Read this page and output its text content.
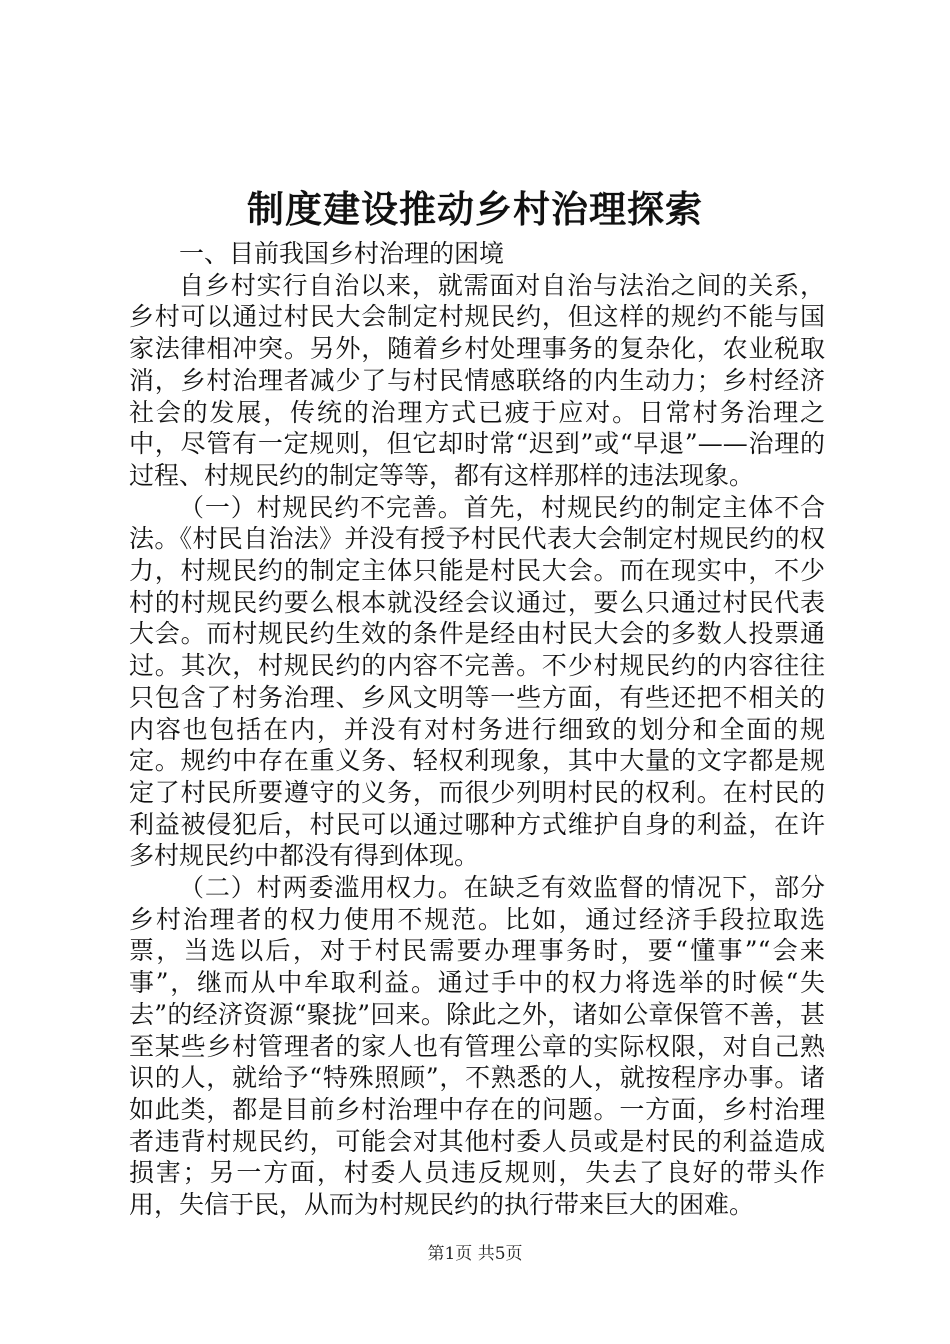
制度建设推动乡村治理探索

一、目前我国乡村治理的困境

自乡村实行自治以来，就需面对自治与法治之间的关系，乡村可以通过村民大会制定村规民约，但这样的规约不能与国家法律相冲突。另外，随着乡村处理事务的复杂化，农业税取消，乡村治理者减少了与村民情感联络的内生动力；乡村经济社会的发展，传统的治理方式已疲于应对。日常村务治理之中，尽管有一定规则，但它却时常“迟到”或“早退”——治理的过程、村规民约的制定等等，都有这样那样的违法现象。

（一）村规民约不完善。首先，村规民约的制定主体不合法。《村民自治法》并没有授予村民代表大会制定村规民约的权力，村规民约的制定主体只能是村民大会。而在现实中，不少村的村规民约要么根本就没经会议通过，要么只通过村民代表大会。而村规民约生效的条件是经由村民大会的多数人投票通过。其次，村规民约的内容不完善。不少村规民约的内容往往只包含了村务治理、乡风文明等一些方面，有些还把不相关的内容也包括在内，并没有对村务进行细致的划分和全面的规定。规约中存在重义务、轻权利现象，其中大量的文字都是规定了村民所要遵守的义务，而很少列明村民的权利。在村民的利益被侵犯后，村民可以通过哪种方式维护自身的利益，在许多村规民约中都没有得到体现。

（二）村两委滥用权力。在缺乏有效监督的情况下，部分乡村治理者的权力使用不规范。比如，通过经济手段拉取选票，当选以后，对于村民需要办理事务时，要“懂事”“会来事”，继而从中牟取利益。通过手中的权力将选举的时候“失去”的经济资源“聚拢”回来。除此之外，诸如公章保管不善，甚至某些乡村管理者的家人也有管理公章的实际权限，对自己熟识的人，就给予“特殊照顾”，不熟悉的人，就按程序办事。诸如此类，都是目前乡村治理中存在的问题。一方面，乡村治理者违背村规民约，可能会对其他村委人员或是村民的利益造成损害；另一方面，村委人员违反规则，失去了良好的带头作用，失信于民，从而为村规民约的执行带来巨大的困难。

第1页 共5页
